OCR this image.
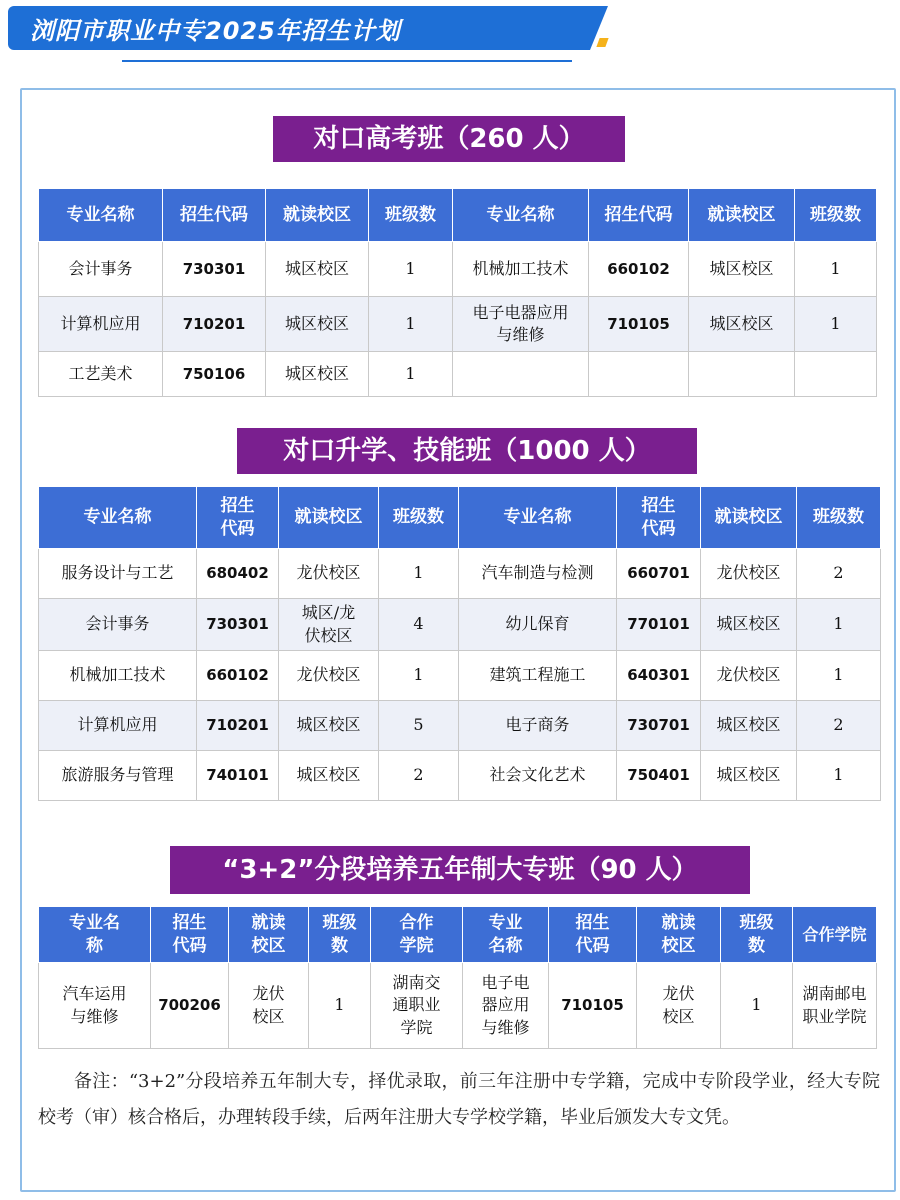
浏阳市职业中专2025年招生计划
对口高考班（260 人）
专业名称	招生代码	就读校区	班级数	专业名称	招生代码	就读校区	班级数
会计事务	730301	城区校区	1	机械加工技术	660102	城区校区	1
计算机应用	710201	城区校区	1	电子电器应用与维修	710105	城区校区	1
工艺美术	750106	城区校区	1				
对口升学、技能班（1000 人）
专业名称	招生代码	就读校区	班级数	专业名称	招生代码	就读校区	班级数
服务设计与工艺	680402	龙伏校区	1	汽车制造与检测	660701	龙伏校区	2
会计事务	730301	城区/龙伏校区	4	幼儿保育	770101	城区校区	1
机械加工技术	660102	龙伏校区	1	建筑工程施工	640301	龙伏校区	1
计算机应用	710201	城区校区	5	电子商务	730701	城区校区	2
旅游服务与管理	740101	城区校区	2	社会文化艺术	750401	城区校区	1
“3+2”分段培养五年制大专班（90 人）
专业名称	招生代码	就读校区	班级数	合作学院	专业名称	招生代码	就读校区	班级数	合作学院
汽车运用与维修	700206	龙伏校区	1	湖南交通职业学院	电子电器应用与维修	710105	龙伏校区	1	湖南邮电职业学院
备注：“3+2”分段培养五年制大专，择优录取，前三年注册中专学籍，完成中专阶段学业，经大专院校考（审）核合格后，办理转段手续，后两年注册大专学校学籍，毕业后颁发大专文凭。
